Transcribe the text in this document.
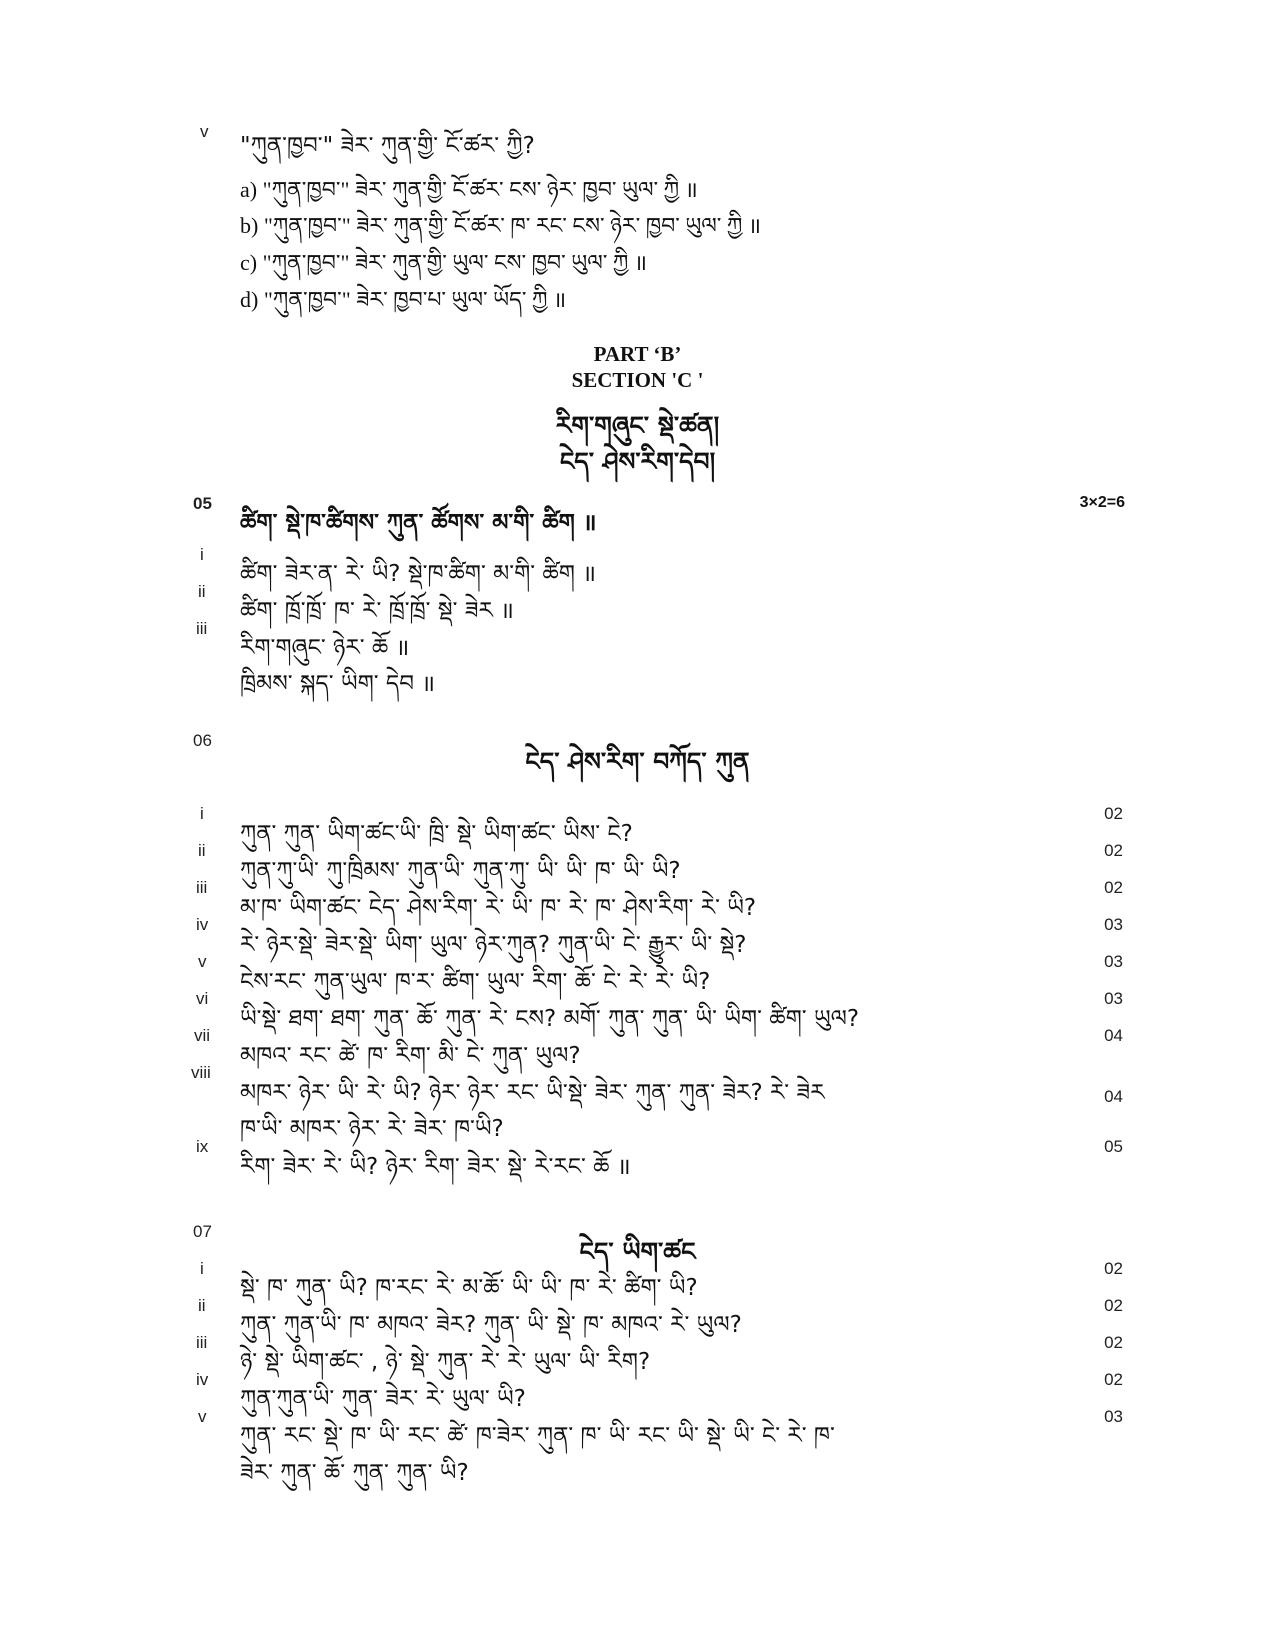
v
"ཀུན་ཁྱབ་" ཟེར་ ཀུན་གྱི་ ངོ་ཚར་ ཀྱི?
a) "ཀུན་ཁྱབ་" ཟེར་ ཀུན་གྱི་ ངོ་ཚར་ ངས་ ཉེར་ ཁྱབ་ ཡུལ་ ཀྱི ॥
b) "ཀུན་ཁྱབ་" ཟེར་ ཀུན་གྱི་ ངོ་ཚར་ ཁ་ རང་ ངས་ ཉེར་ ཁྱབ་ ཡུལ་ ཀྱི ॥
c) "ཀུན་ཁྱབ་" ཟེར་ ཀུན་གྱི་ ཡུལ་ ངས་ ཁྱབ་ ཡུལ་ ཀྱི ॥
d) "ཀུན་ཁྱབ་" ཟེར་ ཁྱབ་པ་ ཡུལ་ ཡོད་ ཀྱི ॥
PART ‘B’
SECTION 'C '
རིག་གཞུང་ སྡེ་ཚན།
ངེད་ ཤེས་རིག་དེབ།
05
ཚིག་ སྡེ་ཁ་ཚིགས་ ཀུན་ ཚོགས་ མ་གི་ ཚིག ॥
3×2=6
i
ཚིག་ ཟེར་ན་ རེ་ ཡི? སྡེ་ཁ་ཚིག་ མ་གི་ ཚིག ॥
ii
ཚིག་ ཁྲོ་ཁྲོ་ ཁ་ རེ་ ཁྲོ་ཁྲོ་ སྡེ་ ཟེར ॥
iii
རིག་གཞུང་ ཉེར་ ཆོ ॥
ཁྲིམས་ སྐད་ ཡིག་ དེབ ॥
06
ངེད་ ཤེས་རིག་ བཀོད་ ཀུན
i
ཀུན་ ཀུན་ ཡིག་ཚང་ཡི་ ཁྲི་ སྡེ་ ཡིག་ཚང་ ཡིས་ ངེ?
02
ii
ཀུན་ཀུ་ཡི་ ཀུ་ཁྲིམས་ ཀུན་ཡི་ ཀུན་ཀུ་ ཡི་ ཡི་ ཁ་ ཡི་ ཡི?
02
iii
མ་ཁ་ ཡིག་ཚང་ ངེད་ ཤེས་རིག་ རེ་ ཡི་ ཁ་ རེ་ ཁ་ ཤེས་རིག་ རེ་ ཡི?
02
iv
རེ་ ཉེར་སྡེ་ ཟེར་སྡེ་ ཡིག་ ཡུལ་ ཉེར་ཀུན? ཀུན་ཡི་ ངེ་ རྒྱུར་ ཡི་ སྡེ?
03
v
ངེས་རང་ ཀུན་ཡུལ་ ཁ་ར་ ཚིག་ ཡུལ་ རིག་ ཆོ་ ངེ་ རེ་ རེ་ ཡི?
03
vi
ཡི་སྡེ་ ཐག་ ཐག་ ཀུན་ ཆོ་ ཀུན་ རེ་ ངས? མགོ་ ཀུན་ ཀུན་ ཡི་ ཡིག་ ཚིག་ ཡུལ?
03
vii
མཁའ་ རང་ ཚེ་ ཁ་ རིག་ མི་ ངེ་ ཀུན་ ཡུལ?
04
viii
མཁར་ ཉེར་ ཡི་ རེ་ ཡི? ཉེར་ ཉེར་ རང་ ཡི་སྡེ་ ཟེར་ ཀུན་ ཀུན་ ཟེར? རེ་ ཟེར
ཁ་ཡི་ མཁར་ ཉེར་ རེ་ ཟེར་ ཁ་ཡི?
04
ix
རིག་ ཟེར་ རེ་ ཡི? ཉེར་ རིག་ ཟེར་ སྡེ་ རེ་རང་ ཆོ ॥
05
07
ངེད་ ཡིག་ཚང
i
སྡེ་ ཁ་ ཀུན་ ཡི? ཁ་རང་ རེ་ མ་ཆོ་ ཡི་ ཡི་ ཁ་ རེ་ ཚིག་ ཡི?
02
ii
ཀུན་ ཀུན་ཡི་ ཁ་ མཁའ་ ཟེར? ཀུན་ ཡི་ སྡེ་ ཁ་ མཁའ་ རེ་ ཡུལ?
02
iii
ཉེ་ སྡེ་ ཡིག་ཚང་ , ཉེ་ སྡེ་ ཀུན་ རེ་ རེ་ ཡུལ་ ཡི་ རིག?
02
iv
ཀུན་ཀུན་ཡི་ ཀུན་ ཟེར་ རེ་ ཡུལ་ ཡི?
02
v
ཀུན་ རང་ སྡེ་ ཁ་ ཡི་ རང་ ཚེ་ ཁ་ཟེར་ ཀུན་ ཁ་ ཡི་ རང་ ཡི་ སྡེ་ ཡི་ ངེ་ རེ་ ཁ་
ཟེར་ ཀུན་ ཆོ་ ཀུན་ ཀུན་ ཡི?
03
